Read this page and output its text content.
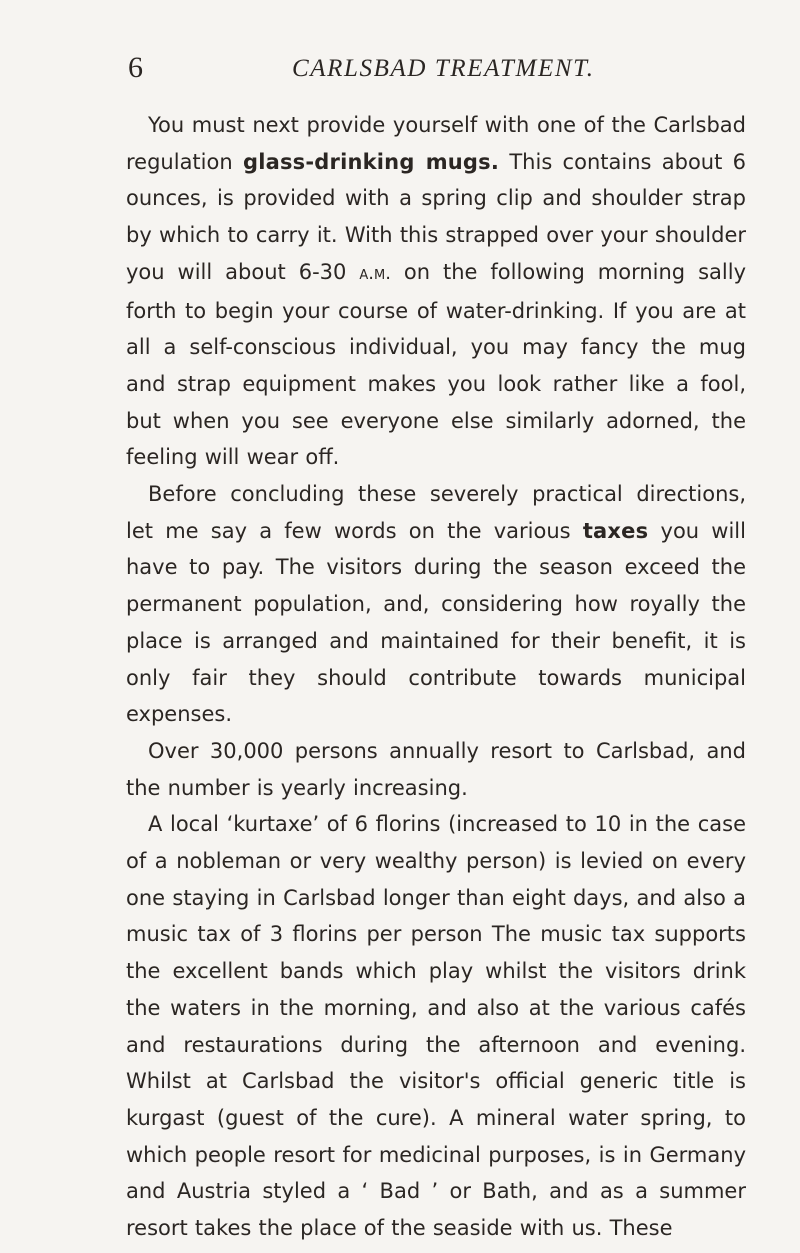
6	CARLSBAD TREATMENT.

You must next provide yourself with one of the Carlsbad regulation glass-drinking mugs. This contains about 6 ounces, is provided with a spring clip and shoulder strap by which to carry it. With this strapped over your shoulder you will about 6-30 a.m. on the following morning sally forth to begin your course of water-drinking. If you are at all a self-conscious individual, you may fancy the mug and strap equipment makes you look rather like a fool, but when you see everyone else similarly adorned, the feeling will wear off.

Before concluding these severely practical directions, let me say a few words on the various taxes you will have to pay. The visitors during the season exceed the permanent population, and, considering how royally the place is arranged and maintained for their benefit, it is only fair they should contribute towards municipal expenses.

Over 30,000 persons annually resort to Carlsbad, and the number is yearly increasing.

A local ‘kurtaxe’ of 6 florins (increased to 10 in the case of a nobleman or very wealthy person) is levied on every one staying in Carlsbad longer than eight days, and also a music tax of 3 florins per person The music tax supports the excellent bands which play whilst the visitors drink the waters in the morning, and also at the various cafés and restaurations during the afternoon and evening. Whilst at Carlsbad the visitor's official generic title is kurgast (guest of the cure). A mineral water spring, to which people resort for medicinal purposes, is in Germany and Austria styled a ‘ Bad ’ or Bath, and as a summer resort takes the place of the seaside with us. These
